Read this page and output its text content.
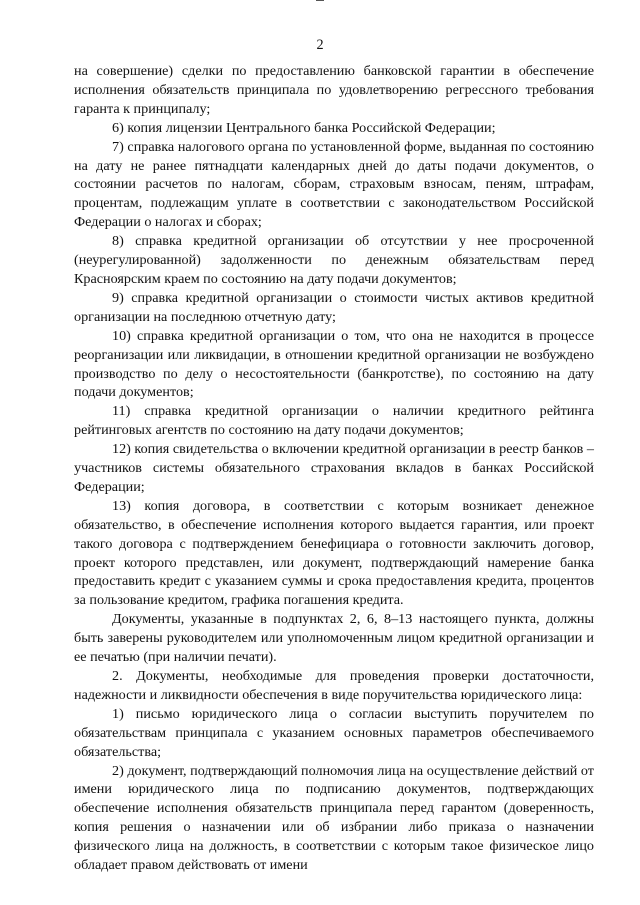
2

на совершение) сделки по предоставлению банковской гарантии в обеспечение исполнения обязательств принципала по удовлетворению регрессного требования гаранта к принципалу;

6) копия лицензии Центрального банка Российской Федерации;

7) справка налогового органа по установленной форме, выданная по состоянию на дату не ранее пятнадцати календарных дней до даты подачи документов, о состоянии расчетов по налогам, сборам, страховым взносам, пеням, штрафам, процентам, подлежащим уплате в соответствии с законодательством Российской Федерации о налогах и сборах;

8) справка кредитной организации об отсутствии у нее просроченной (неурегулированной) задолженности по денежным обязательствам перед Красноярским краем по состоянию на дату подачи документов;

9) справка кредитной организации о стоимости чистых активов кредитной организации на последнюю отчетную дату;

10) справка кредитной организации о том, что она не находится в процессе реорганизации или ликвидации, в отношении кредитной организации не возбуждено производство по делу о несостоятельности (банкротстве), по состоянию на дату подачи документов;

11) справка кредитной организации о наличии кредитного рейтинга рейтинговых агентств по состоянию на дату подачи документов;

12) копия свидетельства о включении кредитной организации в реестр банков – участников системы обязательного страхования вкладов в банках Российской Федерации;

13) копия договора, в соответствии с которым возникает денежное обязательство, в обеспечение исполнения которого выдается гарантия, или проект такого договора с подтверждением бенефициара о готовности заключить договор, проект которого представлен, или документ, подтверждающий намерение банка предоставить кредит с указанием суммы и срока предоставления кредита, процентов за пользование кредитом, графика погашения кредита.

Документы, указанные в подпунктах 2, 6, 8–13 настоящего пункта, должны быть заверены руководителем или уполномоченным лицом кредитной организации и ее печатью (при наличии печати).

2. Документы, необходимые для проведения проверки достаточности, надежности и ликвидности обеспечения в виде поручительства юридического лица:

1) письмо юридического лица о согласии выступить поручителем по обязательствам принципала с указанием основных параметров обеспечиваемого обязательства;

2) документ, подтверждающий полномочия лица на осуществление действий от имени юридического лица по подписанию документов, подтверждающих обеспечение исполнения обязательств принципала перед гарантом (доверенность, копия решения о назначении или об избрании либо приказа о назначении физического лица на должность, в соответствии с которым такое физическое лицо обладает правом действовать от имени
